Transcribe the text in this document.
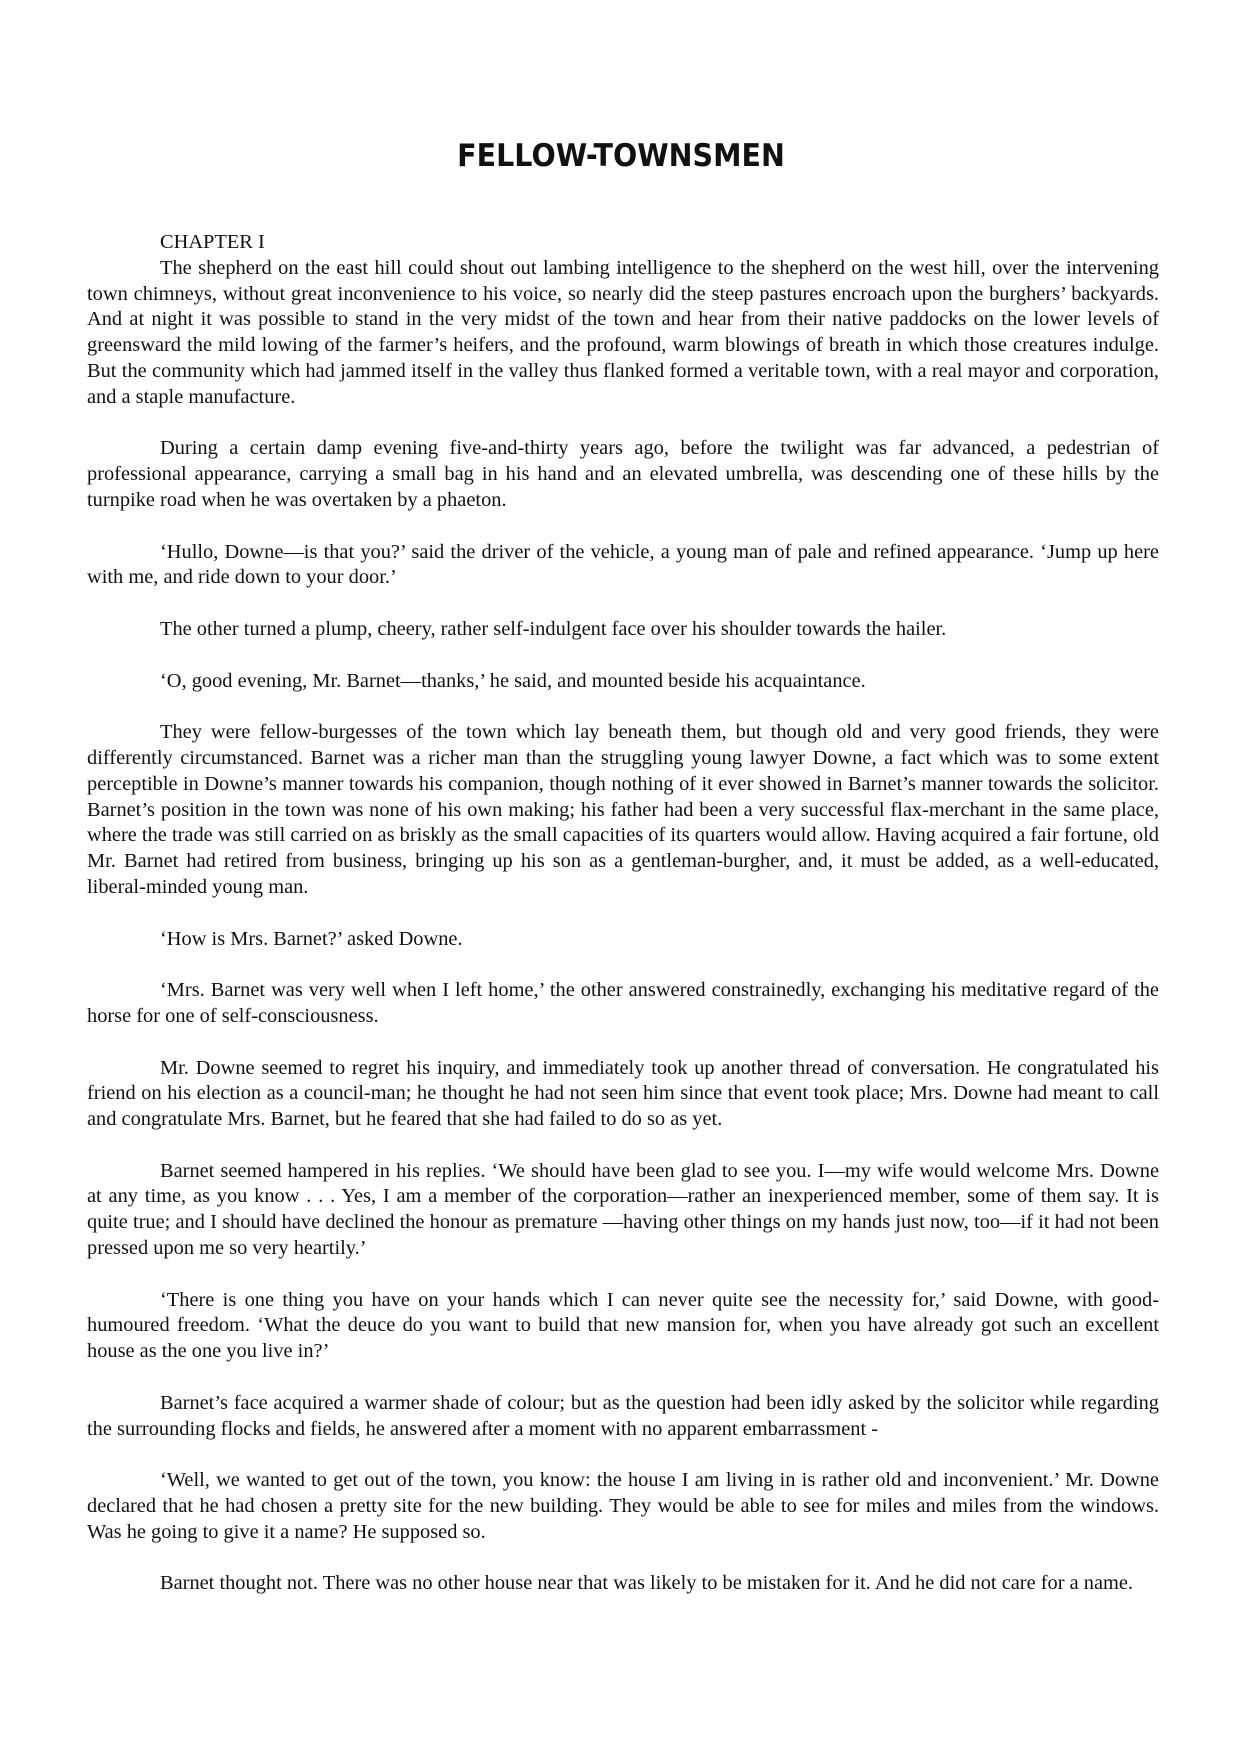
FELLOW-TOWNSMEN

CHAPTER I

The shepherd on the east hill could shout out lambing intelligence to the shepherd on the west hill, over the intervening town chimneys, without great inconvenience to his voice, so nearly did the steep pastures encroach upon the burghers’ backyards. And at night it was possible to stand in the very midst of the town and hear from their native paddocks on the lower levels of greensward the mild lowing of the farmer’s heifers, and the profound, warm blowings of breath in which those creatures indulge. But the community which had jammed itself in the valley thus flanked formed a veritable town, with a real mayor and corporation, and a staple manufacture.

During a certain damp evening five-and-thirty years ago, before the twilight was far advanced, a pedestrian of professional appearance, carrying a small bag in his hand and an elevated umbrella, was descending one of these hills by the turnpike road when he was overtaken by a phaeton.

‘Hullo, Downe—is that you?’ said the driver of the vehicle, a young man of pale and refined appearance. ‘Jump up here with me, and ride down to your door.’

The other turned a plump, cheery, rather self-indulgent face over his shoulder towards the hailer.

‘O, good evening, Mr. Barnet—thanks,’ he said, and mounted beside his acquaintance.

They were fellow-burgesses of the town which lay beneath them, but though old and very good friends, they were differently circumstanced. Barnet was a richer man than the struggling young lawyer Downe, a fact which was to some extent perceptible in Downe’s manner towards his companion, though nothing of it ever showed in Barnet’s manner towards the solicitor. Barnet’s position in the town was none of his own making; his father had been a very successful flax-merchant in the same place, where the trade was still carried on as briskly as the small capacities of its quarters would allow. Having acquired a fair fortune, old Mr. Barnet had retired from business, bringing up his son as a gentleman-burgher, and, it must be added, as a well-educated, liberal-minded young man.

‘How is Mrs. Barnet?’ asked Downe.

‘Mrs. Barnet was very well when I left home,’ the other answered constrainedly, exchanging his meditative regard of the horse for one of self-consciousness.

Mr. Downe seemed to regret his inquiry, and immediately took up another thread of conversation. He congratulated his friend on his election as a council-man; he thought he had not seen him since that event took place; Mrs. Downe had meant to call and congratulate Mrs. Barnet, but he feared that she had failed to do so as yet.

Barnet seemed hampered in his replies. ‘We should have been glad to see you. I—my wife would welcome Mrs. Downe at any time, as you know . . . Yes, I am a member of the corporation—rather an inexperienced member, some of them say. It is quite true; and I should have declined the honour as premature —having other things on my hands just now, too—if it had not been pressed upon me so very heartily.’

‘There is one thing you have on your hands which I can never quite see the necessity for,’ said Downe, with good-humoured freedom. ‘What the deuce do you want to build that new mansion for, when you have already got such an excellent house as the one you live in?’

Barnet’s face acquired a warmer shade of colour; but as the question had been idly asked by the solicitor while regarding the surrounding flocks and fields, he answered after a moment with no apparent embarrassment -

‘Well, we wanted to get out of the town, you know: the house I am living in is rather old and inconvenient.’ Mr. Downe declared that he had chosen a pretty site for the new building. They would be able to see for miles and miles from the windows. Was he going to give it a name? He supposed so.

Barnet thought not. There was no other house near that was likely to be mistaken for it. And he did not care for a name.
